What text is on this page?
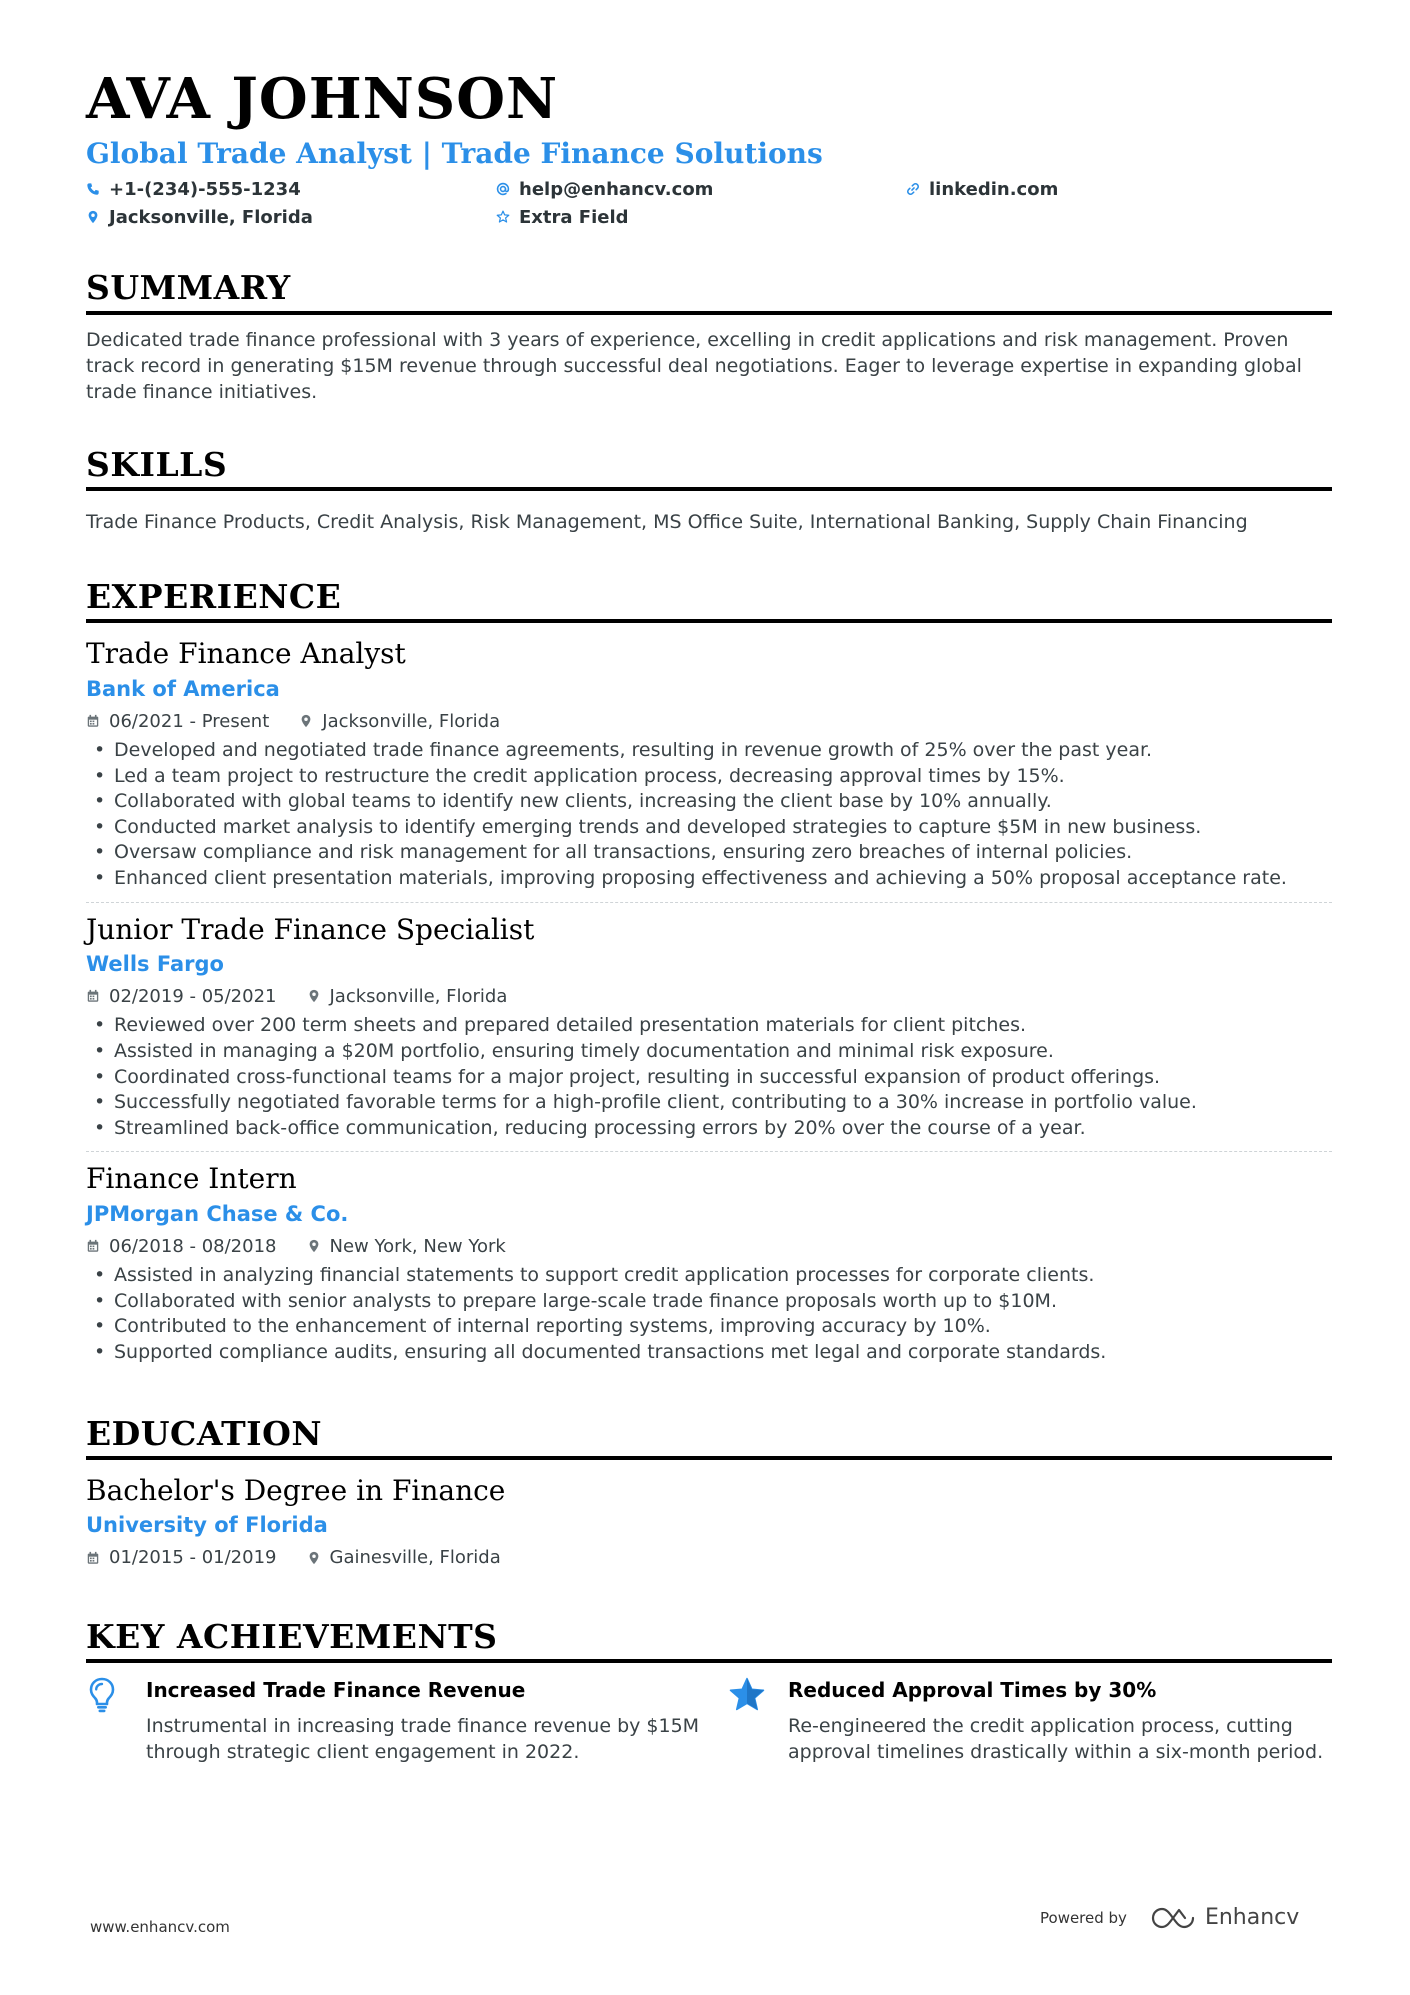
AVA JOHNSON
Global Trade Analyst | Trade Finance Solutions
+1-(234)-555-1234	help@enhancv.com	linkedin.com
Jacksonville, Florida	Extra Field
SUMMARY
Dedicated trade finance professional with 3 years of experience, excelling in credit applications and risk management. Proven track record in generating $15M revenue through successful deal negotiations. Eager to leverage expertise in expanding global trade finance initiatives.
SKILLS
Trade Finance Products, Credit Analysis, Risk Management, MS Office Suite, International Banking, Supply Chain Financing
EXPERIENCE
Trade Finance Analyst
Bank of America
06/2021 - Present	Jacksonville, Florida
• Developed and negotiated trade finance agreements, resulting in revenue growth of 25% over the past year.
• Led a team project to restructure the credit application process, decreasing approval times by 15%.
• Collaborated with global teams to identify new clients, increasing the client base by 10% annually.
• Conducted market analysis to identify emerging trends and developed strategies to capture $5M in new business.
• Oversaw compliance and risk management for all transactions, ensuring zero breaches of internal policies.
• Enhanced client presentation materials, improving proposing effectiveness and achieving a 50% proposal acceptance rate.
Junior Trade Finance Specialist
Wells Fargo
02/2019 - 05/2021	Jacksonville, Florida
• Reviewed over 200 term sheets and prepared detailed presentation materials for client pitches.
• Assisted in managing a $20M portfolio, ensuring timely documentation and minimal risk exposure.
• Coordinated cross-functional teams for a major project, resulting in successful expansion of product offerings.
• Successfully negotiated favorable terms for a high-profile client, contributing to a 30% increase in portfolio value.
• Streamlined back-office communication, reducing processing errors by 20% over the course of a year.
Finance Intern
JPMorgan Chase & Co.
06/2018 - 08/2018	New York, New York
• Assisted in analyzing financial statements to support credit application processes for corporate clients.
• Collaborated with senior analysts to prepare large-scale trade finance proposals worth up to $10M.
• Contributed to the enhancement of internal reporting systems, improving accuracy by 10%.
• Supported compliance audits, ensuring all documented transactions met legal and corporate standards.
EDUCATION
Bachelor's Degree in Finance
University of Florida
01/2015 - 01/2019	Gainesville, Florida
KEY ACHIEVEMENTS
Increased Trade Finance Revenue
Instrumental in increasing trade finance revenue by $15M through strategic client engagement in 2022.
Reduced Approval Times by 30%
Re-engineered the credit application process, cutting approval timelines drastically within a six-month period.
www.enhancv.com
Powered by	Enhancv
